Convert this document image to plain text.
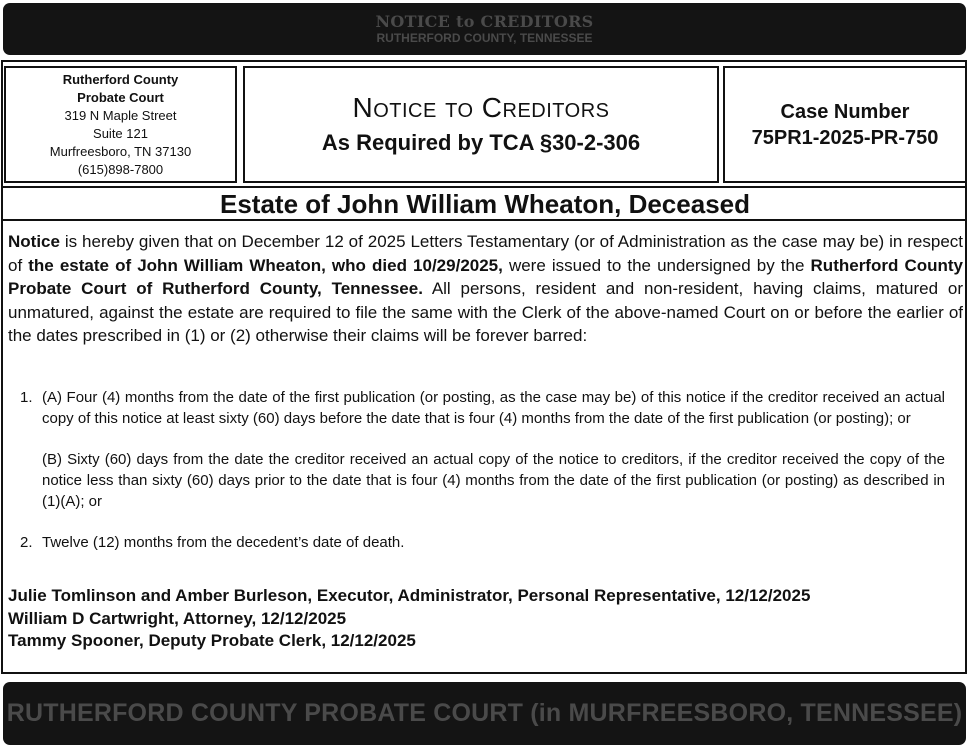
NOTICE to CREDITORS
RUTHERFORD COUNTY, TENNESSEE
Rutherford County
Probate Court
319 N Maple Street
Suite 121
Murfreesboro, TN 37130
(615)898-7800
Notice to Creditors
As Required by TCA §30-2-306
Case Number
75PR1-2025-PR-750
Estate of John William Wheaton, Deceased
Notice is hereby given that on December 12 of 2025 Letters Testamentary (or of Administration as the case may be) in respect of the estate of John William Wheaton, who died 10/29/2025, were issued to the undersigned by the Rutherford County Probate Court of Rutherford County, Tennessee. All persons, resident and non-resident, having claims, matured or unmatured, against the estate are required to file the same with the Clerk of the above-named Court on or before the earlier of the dates prescribed in (1) or (2) otherwise their claims will be forever barred:
1. (A) Four (4) months from the date of the first publication (or posting, as the case may be) of this notice if the creditor received an actual copy of this notice at least sixty (60) days before the date that is four (4) months from the date of the first publication (or posting); or
(B) Sixty (60) days from the date the creditor received an actual copy of the notice to creditors, if the creditor received the copy of the notice less than sixty (60) days prior to the date that is four (4) months from the date of the first publication (or posting) as described in (1)(A); or
2. Twelve (12) months from the decedent’s date of death.
Julie Tomlinson and Amber Burleson, Executor, Administrator, Personal Representative, 12/12/2025
William D Cartwright, Attorney, 12/12/2025
Tammy Spooner, Deputy Probate Clerk, 12/12/2025
RUTHERFORD COUNTY PROBATE COURT (in MURFREESBORO, TENNESSEE)
